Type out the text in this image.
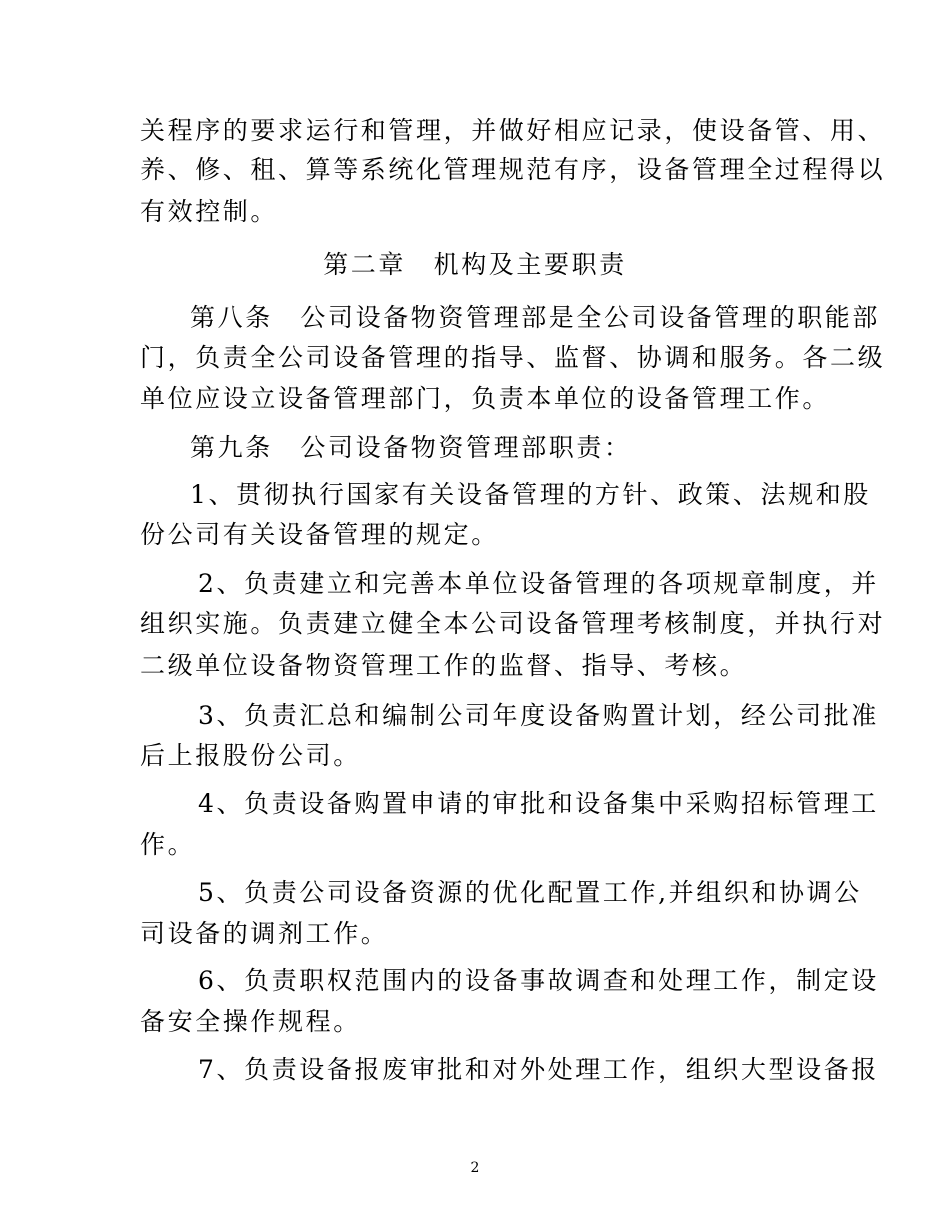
关程序的要求运行和管理，并做好相应记录，使设备管、用、
养、修、租、算等系统化管理规范有序，设备管理全过程得以
有效控制。
第二章　机构及主要职责
第八条　公司设备物资管理部是全公司设备管理的职能部
门，负责全公司设备管理的指导、监督、协调和服务。各二级
单位应设立设备管理部门，负责本单位的设备管理工作。
第九条　公司设备物资管理部职责：
1、贯彻执行国家有关设备管理的方针、政策、法规和股
份公司有关设备管理的规定。
2、负责建立和完善本单位设备管理的各项规章制度，并
组织实施。负责建立健全本公司设备管理考核制度，并执行对
二级单位设备物资管理工作的监督、指导、考核。
3、负责汇总和编制公司年度设备购置计划，经公司批准
后上报股份公司。
4、负责设备购置申请的审批和设备集中采购招标管理工
作。
5、负责公司设备资源的优化配置工作,并组织和协调公
司设备的调剂工作。
6、负责职权范围内的设备事故调查和处理工作，制定设
备安全操作规程。
7、负责设备报废审批和对外处理工作，组织大型设备报
2
